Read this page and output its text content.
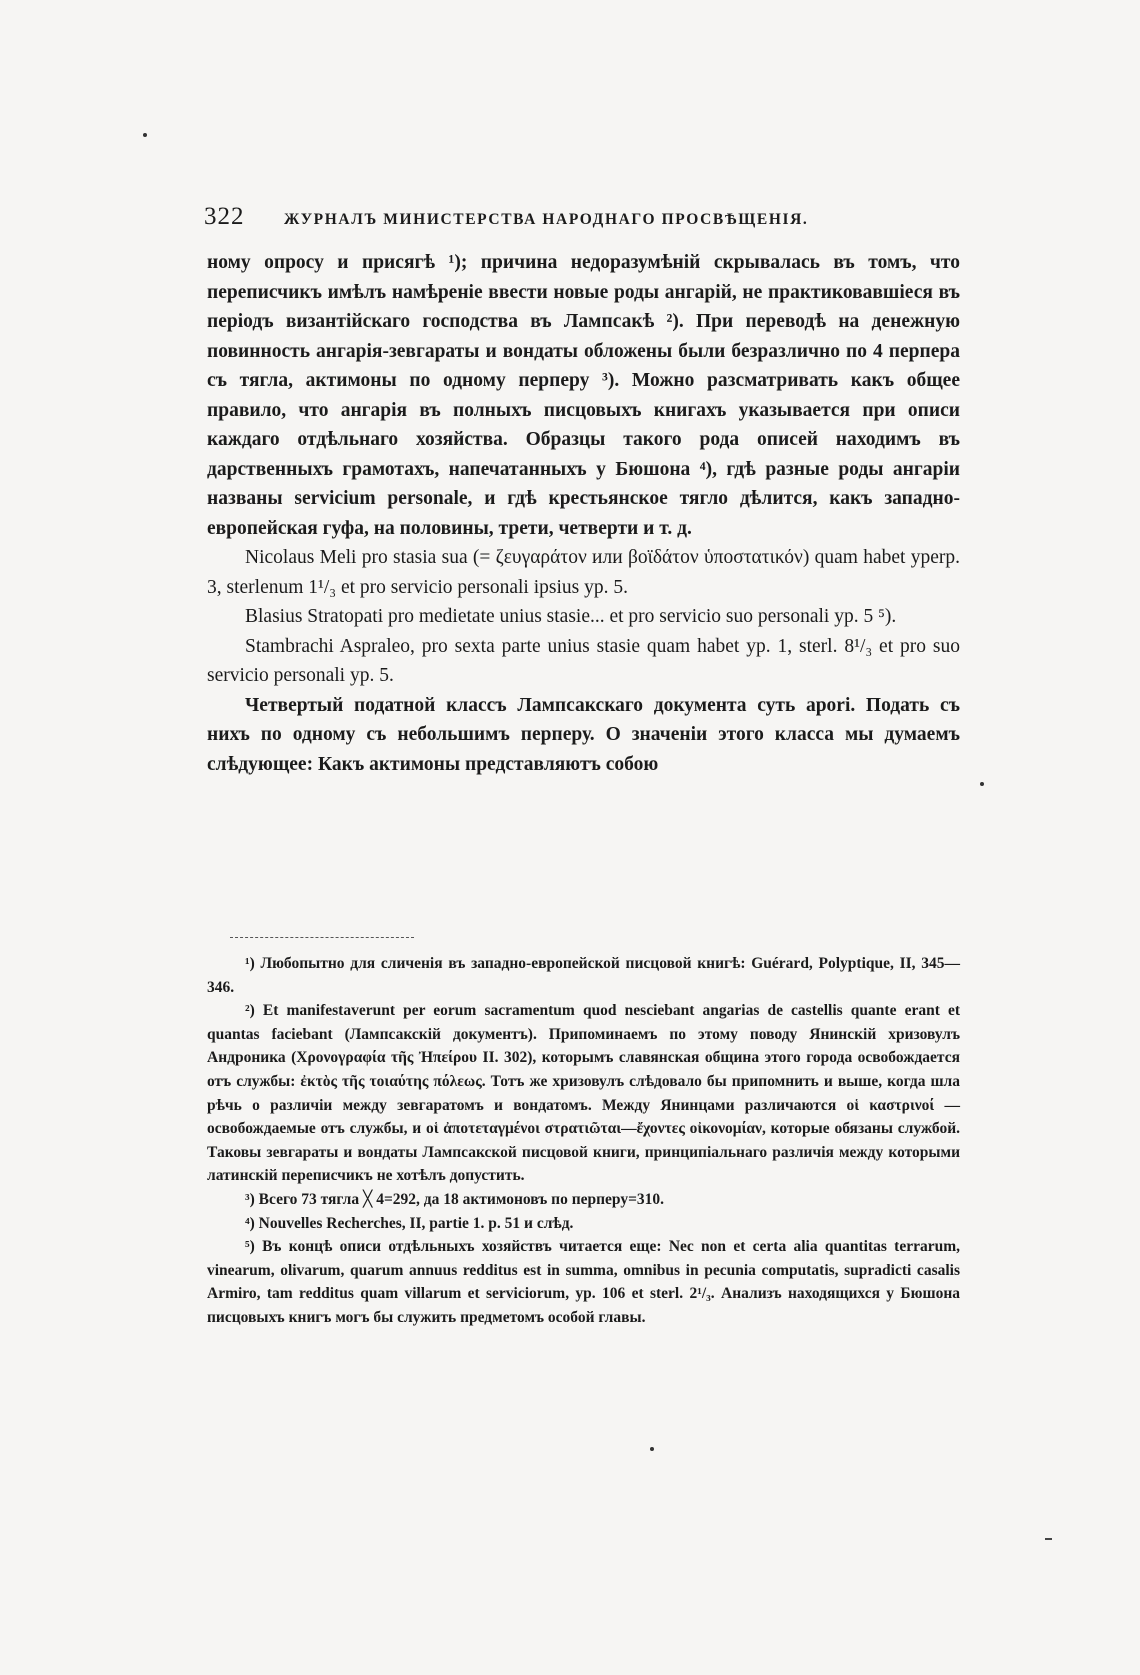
322	ЖУРНАЛЪ МИНИСТЕРСТВА НАРОДНАГО ПРОСВѢЩЕНІЯ.

ному опросу и присягѣ ¹); причина недоразумѣній скрывалась въ томъ, что переписчикъ имѣлъ намѣреніе ввести новые роды ангарій, не практиковавшіеся въ періодъ византійскаго господства въ Лампсакѣ ²). При переводѣ на денежную повинность ангарія-зевгараты и вондаты обложены были безразлично по 4 перпера съ тягла, актимоны по одному перперу ³). Можно разсматривать какъ общее правило, что ангарія въ полныхъ писцовыхъ книгахъ указывается при описи каждаго отдѣльнаго хозяйства. Образцы такого рода описей находимъ въ дарственныхъ грамотахъ, напечатанныхъ у Бюшона ⁴), гдѣ разные роды ангаріи названы servicium personale, и гдѣ крестьянское тягло дѣлится, какъ западно-европейская гуфа, на половины, трети, четверти и т. д.

Nicolaus Meli pro stasia sua (= ζευγαράτον или βοϊδάτον ὑποστατικόν) quam habet yperp. 3, sterlenum 1¹/₃ et pro servicio personali ipsius yp. 5.

Blasius Stratopati pro medietate unius stasie... et pro servicio suo personali yp. 5 ⁵).

Stambrachi Aspraleo, pro sexta parte unius stasie quam habet yp. 1, sterl. 8¹/₃ et pro suo servicio personali yp. 5.

Четвертый податной классъ Лампсакскаго документа суть apori. Подать съ нихъ по одному съ небольшимъ перперу. О значеніи этого класса мы думаемъ слѣдующее: Какъ актимоны представляютъ собою

¹) Любопытно для сличенія въ западно-европейской писцовой книгѣ: Guérard, Polyptique, II, 345—346.

²) Et manifestaverunt per eorum sacramentum quod nesciebant angarias de castellis quante erant et quantas faciebant (Лампсакскій документъ). Припоминаемъ по этому поводу Янинскій хризовулъ Андроника (Χρονογραφία τῆς Ἠπείρου II. 302), которымъ славянская община этого города освобождается отъ службы: ἐκτὸς τῆς τοιαύτης πόλεως. Тотъ же хризовулъ слѣдовало бы припомнить и выше, когда шла рѣчь о различіи между зевгаратомъ и вондатомъ. Между Янинцами различаются οἱ καστρινοί — освобождаемые отъ службы, и οἱ ἀποτεταγμένοι στρατιῶται—ἔχοντες οἰκονομίαν, которые обязаны службой. Таковы зевгараты и вондаты Лампсакской писцовой книги, принципіальнаго различія между которыми латинскій переписчикъ не хотѣлъ допустить.

³) Всего 73 тягла ╳ 4=292, да 18 актимоновъ по перперу=310.

⁴) Nouvelles Recherches, II, partie 1. p. 51 и слѣд.

⁵) Въ концѣ описи отдѣльныхъ хозяйствъ читается еще: Nec non et certa alia quantitas terrarum, vinearum, olivarum, quarum annuus redditus est in summa, omnibus in pecunia computatis, supradicti casalis Armiro, tam redditus quam villarum et serviciorum, yp. 106 et sterl. 2¹/₃. Анализъ находящихся у Бюшона писцовыхъ книгъ могъ бы служить предметомъ особой главы.
